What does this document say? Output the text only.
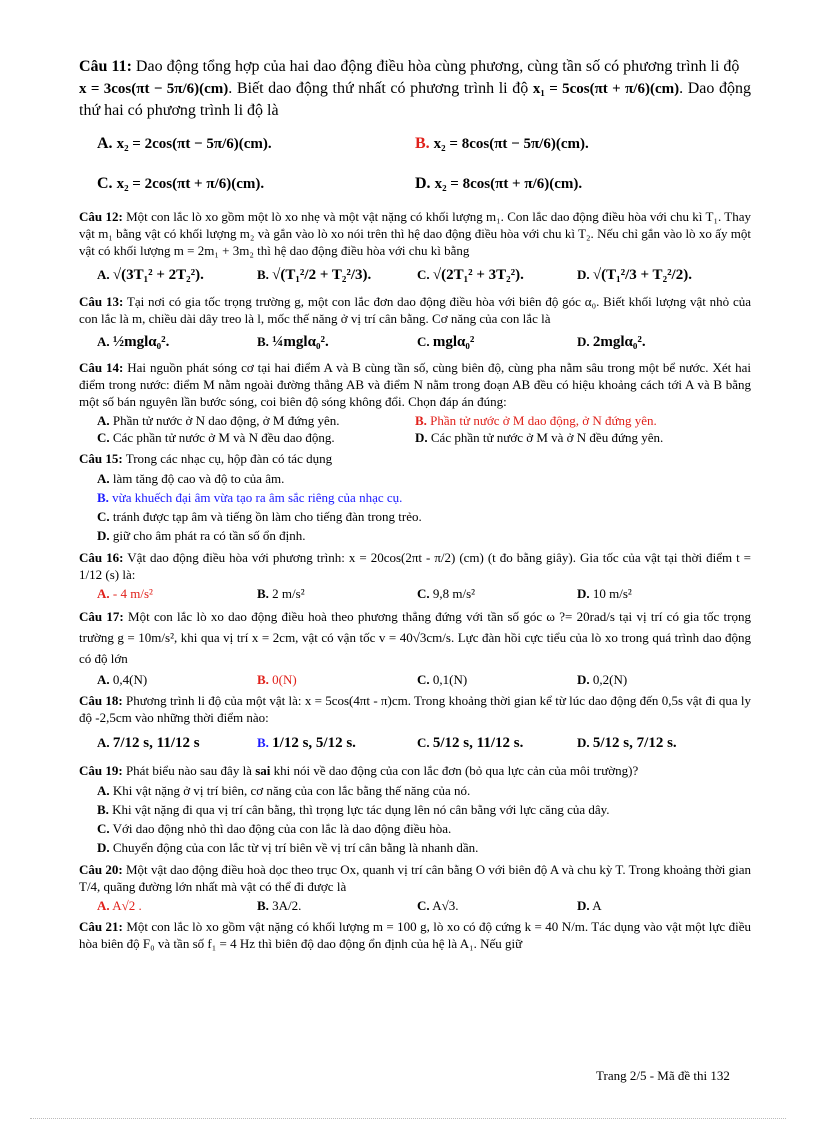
Câu 11: Dao động tổng hợp của hai dao động điều hòa cùng phương, cùng tần số có phương trình li độ
x = 3cos(πt − 5π/6)(cm). Biết dao động thứ nhất có phương trình li độ x₁ = 5cos(πt + π/6)(cm). Dao động thứ hai có phương trình li độ là
A. x₂ = 2cos(πt − 5π/6)(cm).	B. x₂ = 8cos(πt − 5π/6)(cm).
C. x₂ = 2cos(πt + π/6)(cm).	D. x₂ = 8cos(πt + π/6)(cm).
Câu 12: Một con lắc lò xo gồm một lò xo nhẹ và một vật nặng có khối lượng m₁. Con lắc dao động điều hòa với chu kì T₁. Thay vật m₁ bằng vật có khối lượng m₂ và gắn vào lò xo nói trên thì hệ dao động điều hòa với chu kì T₂. Nếu chỉ gắn vào lò xo ấy một vật có khối lượng m = 2m₁ + 3m₂ thì hệ dao động điều hòa với chu kì bằng
A. √(3T₁² + 2T₂²).	B. √(T₁²/2 + T₂²/3).	C. √(2T₁² + 3T₂²).	D. √(T₁²/3 + T₂²/2).
Câu 13: Tại nơi có gia tốc trọng trường g, một con lắc đơn dao động điều hòa với biên độ góc α₀. Biết khối lượng vật nhỏ của con lắc là m, chiều dài dây treo là l, mốc thế năng ở vị trí cân bằng. Cơ năng của con lắc là
A. ½mglα₀².	B. ¼mglα₀².	C. mglα₀²	D. 2mglα₀².
Câu 14: Hai nguồn phát sóng cơ tại hai điểm A và B cùng tần số, cùng biên độ, cùng pha nằm sâu trong một bể nước. Xét hai điểm trong nước: điểm M nằm ngoài đường thẳng AB và điểm N nằm trong đoạn AB đều có hiệu khoảng cách tới A và B bằng một số bán nguyên lần bước sóng, coi biên độ sóng không đổi. Chọn đáp án đúng:
A. Phần tử nước ở N dao động, ở M đứng yên.	B. Phần tử nước ở M dao động, ở N đứng yên.
C. Các phần tử nước ở M và N đều dao động.	D. Các phần tử nước ở M và ở N đều đứng yên.
Câu 15: Trong các nhạc cụ, hộp đàn có tác dụng
A. làm tăng độ cao và độ to của âm.
B. vừa khuếch đại âm vừa tạo ra âm sắc riêng của nhạc cụ.
C. tránh được tạp âm và tiếng ồn làm cho tiếng đàn trong trẻo.
D. giữ cho âm phát ra có tần số ổn định.
Câu 16: Vật dao động điều hòa với phương trình: x = 20cos(2πt - π/2) (cm) (t đo bằng giây). Gia tốc của vật tại thời điểm t = 1/12 (s) là:
A. - 4 m/s²	B. 2 m/s²	C. 9,8 m/s²	D. 10 m/s²
Câu 17: Một con lắc lò xo dao động điều hoà theo phương thẳng đứng với tần số góc ω ?= 20rad/s tại vị trí có gia tốc trọng trường g = 10m/s², khi qua vị trí x = 2cm, vật có vận tốc v = 40√3cm/s. Lực đàn hồi cực tiểu của lò xo trong quá trình dao động có độ lớn
A. 0,4(N)	B. 0(N)	C. 0,1(N)	D. 0,2(N)
Câu 18: Phương trình li độ của một vật là: x = 5cos(4πt - π)cm. Trong khoảng thời gian kể từ lúc dao động đến 0,5s vật đi qua ly độ -2,5cm vào những thời điểm nào:
A. 7/12 s, 11/12 s	B. 1/12 s, 5/12 s.	C. 5/12 s, 11/12 s.	D. 5/12 s, 7/12 s.
Câu 19: Phát biểu nào sau đây là sai khi nói về dao động của con lắc đơn (bỏ qua lực cản của môi trường)?
A. Khi vật nặng ở vị trí biên, cơ năng của con lắc bằng thế năng của nó.
B. Khi vật nặng đi qua vị trí cân bằng, thì trọng lực tác dụng lên nó cân bằng với lực căng của dây.
C. Với dao động nhỏ thì dao động của con lắc là dao động điều hòa.
D. Chuyển động của con lắc từ vị trí biên về vị trí cân bằng là nhanh dần.
Câu 20: Một vật dao động điều hoà dọc theo trục Ox, quanh vị trí cân bằng O với biên độ A và chu kỳ T. Trong khoảng thời gian T/4, quãng đường lớn nhất mà vật có thể đi được là
A. A√2 .	B. 3A/2.	C. A√3.	D. A
Câu 21: Một con lắc lò xo gồm vật nặng có khối lượng m = 100 g, lò xo có độ cứng k = 40 N/m. Tác dụng vào vật một lực điều hòa biên độ F₀ và tần số f₁ = 4 Hz thì biên độ dao động ổn định của hệ là A₁. Nếu giữ
Trang 2/5 - Mã đề thi 132
